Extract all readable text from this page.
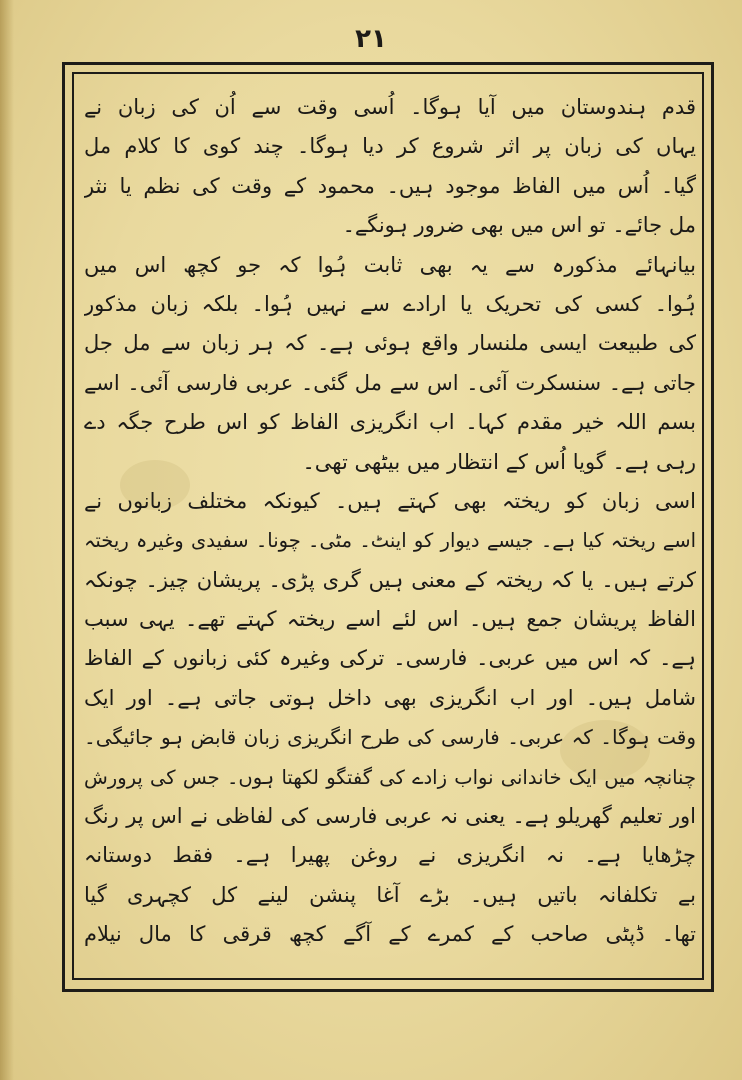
٢١
قدم ہندوستان میں آیا ہوگا۔ اُسی وقت سے اُن کی زبان نے
یہاں کی زبان پر اثر شروع کر دیا ہوگا۔ چند کوی کا کلام مل
گیا۔ اُس میں الفاظ موجود ہیں۔ محمود کے وقت کی نظم یا نثر
مل جائے۔ تو اس میں بھی ضرور ہونگے۔
بیانہائے مذکورہ سے یہ بھی ثابت ہُوا کہ جو کچھ اس میں
ہُوا۔ کسی کی تحریک یا ارادے سے نہیں ہُوا۔ بلکہ زبان مذکور
کی طبیعت ایسی ملنسار واقع ہوئی ہے۔ کہ ہر زبان سے مل جل
جاتی ہے۔ سنسکرت آئی۔ اس سے مل گئی۔ عربی فارسی آئی۔ اسے
بسم اللہ خیر مقدم کہا۔ اب انگریزی الفاظ کو اس طرح جگہ دے
رہی ہے۔ گویا اُس کے انتظار میں بیٹھی تھی۔
اسی زبان کو ریختہ بھی کہتے ہیں۔ کیونکہ مختلف زبانوں نے
اسے ریختہ کیا ہے۔ جیسے دیوار کو اینٹ۔ مٹی۔ چونا۔ سفیدی وغیرہ ریختہ
کرتے ہیں۔ یا کہ ریختہ کے معنی ہیں گری پڑی۔ پریشان چیز۔ چونکہ
الفاظ پریشان جمع ہیں۔ اس لئے اسے ریختہ کہتے تھے۔ یہی سبب
ہے۔ کہ اس میں عربی۔ فارسی۔ ترکی وغیرہ کئی زبانوں کے الفاظ
شامل ہیں۔ اور اب انگریزی بھی داخل ہوتی جاتی ہے۔ اور ایک
وقت ہوگا۔ کہ عربی۔ فارسی کی طرح انگریزی زبان قابض ہو جائیگی۔
چنانچہ میں ایک خاندانی نواب زادے کی گفتگو لکھتا ہوں۔ جس کی پرورش
اور تعلیم گھریلو ہے۔ یعنی نہ عربی فارسی کی لفاظی نے اس پر رنگ
چڑھایا ہے۔ نہ انگریزی نے روغن پھیرا ہے۔ فقط دوستانہ
بے تکلفانہ باتیں ہیں۔ بڑے آغا پنشن لینے کل کچہری گیا
تھا۔ ڈپٹی صاحب کے کمرے کے آگے کچھ قرقی کا مال نیلام
